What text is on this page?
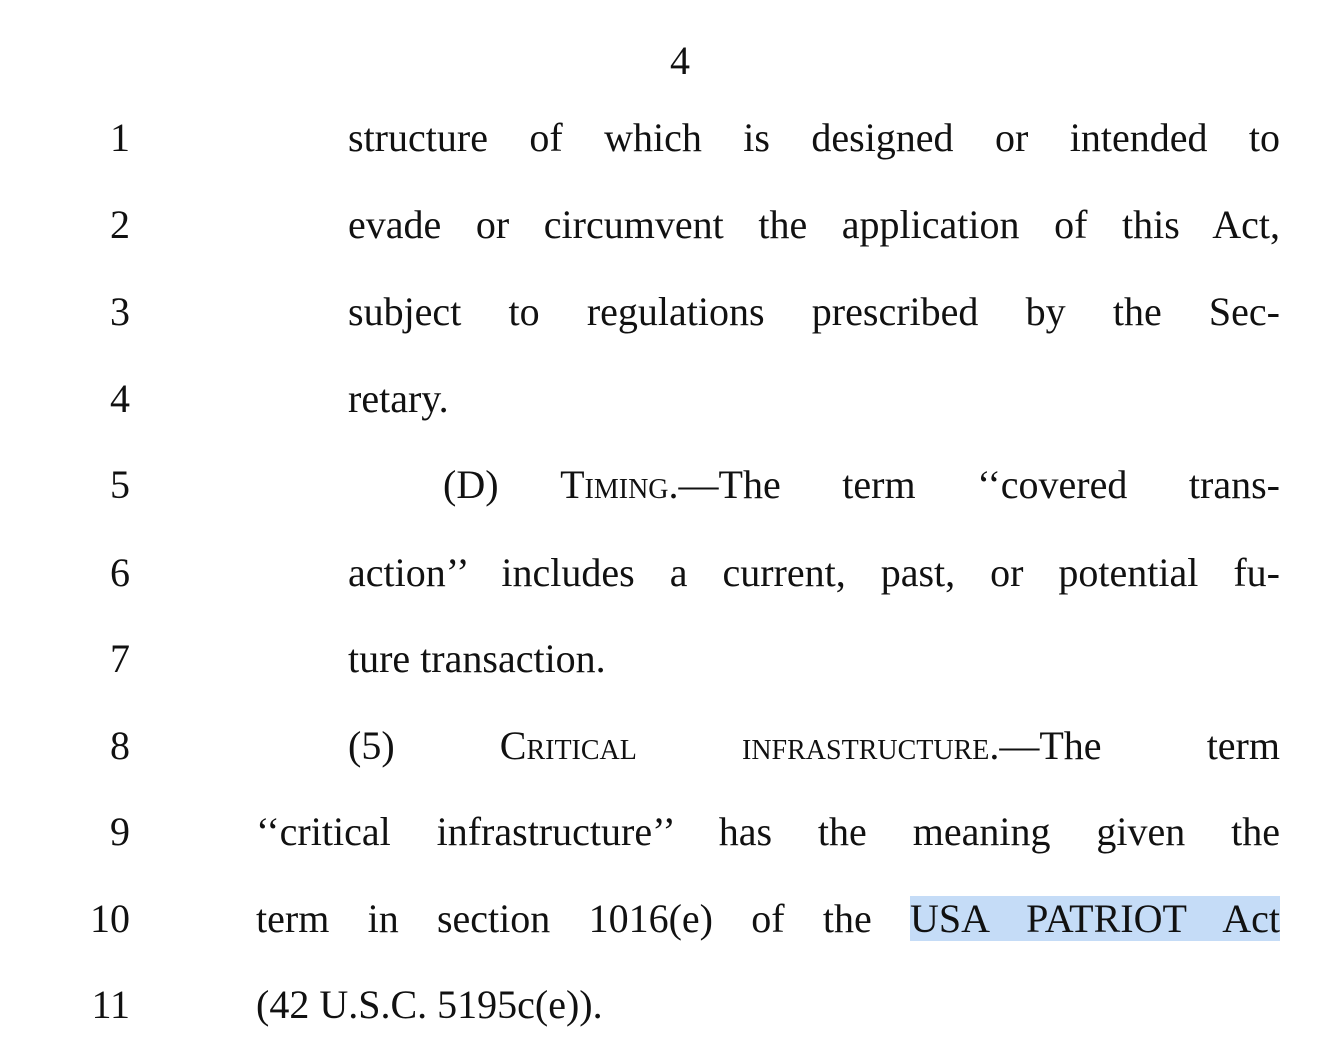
4
1	structure of which is designed or intended to
2	evade or circumvent the application of this Act,
3	subject to regulations prescribed by the Sec-
4	retary.
5	(D) Timing.—The term ‘‘covered trans-
6	action’’ includes a current, past, or potential fu-
7	ture transaction.
8	(5) Critical infrastructure.—The term
9	‘‘critical infrastructure’’ has the meaning given the
10	term in section 1016(e) of the USA PATRIOT Act
11	(42 U.S.C. 5195c(e)).
